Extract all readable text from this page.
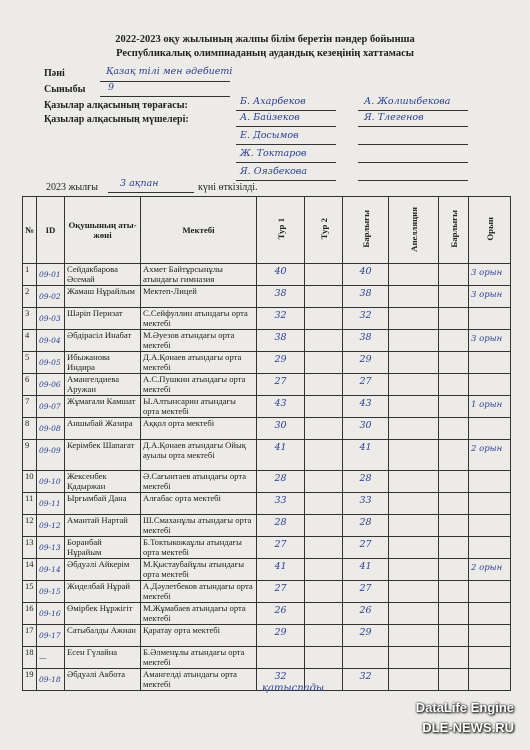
2022-2023 оқу жылының жалпы білім беретін пәндер бойынша
Республикалық олимпиаданың аудандық кезеңінің хаттамасы
Пәні	Қазақ тілі мен әдебиеті
Сыныбы 9
Қазылар алқасының төрағасы:	Б. Ахарбеков	А. Жолшыбекова
Қазылар алқасының мүшелері:	А. Байзеков	Я. Тлегенов
Е. Досымов
Ж. Токтаров
Я. Оязбекова
2023 жылғы 3 ақпан	күні өткізілді.
№	ID	Оқушының аты-жөні	Мектебі	Тур 1	Тур 2	Барлығы	Апелляция	Барлығы	Орын
1	09-01	Сейдакбарова Әсемай	Ахмет Байтұрсынұлы атындағы гимназия	40		40			3 орын

2	09-02	Жамаш Нұрайлым	Мектеп-Лицей	38		38			3 орын

3	09-03	Шәріп Перизат	С.Сейфуллин атындағы орта мектебі	32		32			

4	09-04	Әбдірасіл Инабат	М.Әуезов атындағы орта мектебі	38		38			3 орын

5	09-05	Ибыжанова Индира	Д.А.Қонаев атындағы орта мектебі	29		29			

6	09-06	Амангелдиева Аружан	А.С.Пушкин атындағы орта мектебі	27		27			

7	09-07	Жұмағали Камшат	Ы.Алтынсарин атындағы орта мектебі	43		43			1 орын

8	09-08	Аншыбай Жазира	Аққол орта мектебі	30		30			

9	09-09	Керімбек Шапағат	Д.А.Қонаев атындағы Ойық ауылы орта мектебі	41		41			2 орын

10	09-10	Жексенбек Қадыржан	Ә.Сағынтаев атындағы орта мектебі	28		28			

11	09-11	Ырғымбай Дана	Алғабас орта мектебі	33		33			

12	09-12	Амантай Нартай	Ш.Смаханұлы атындағы орта мектебі	28		28			

13	09-13	Боранбай Нұрайым	Б.Токтыкожаұлы атындағы орта мектебі	27		27			

14	09-14	Әбдуәлі Айкерім	М.Қыстаубайұлы атындағы орта мектебі	41		41			2 орын

15	09-15	Жиделбай Нұрай	А.Дәулетбеков атындағы орта мектебі	27		27			

16	09-16	Өмірбек Нұржігіт	М.Жұмабаев атындағы орта мектебі	26		26			

17	09-17	Сатыбалды Ажиан	Қаратау орта мектебі	29		29			

18	—	Есен Гүлайна	Б.Әлменұлы атындағы орта мектебі	

19	09-18	Әбдуәлі Акбота	Амангелді атындағы орта мектебі	32		32			

қатыспады
DataLife Engine
DLE-NEWS.RU
